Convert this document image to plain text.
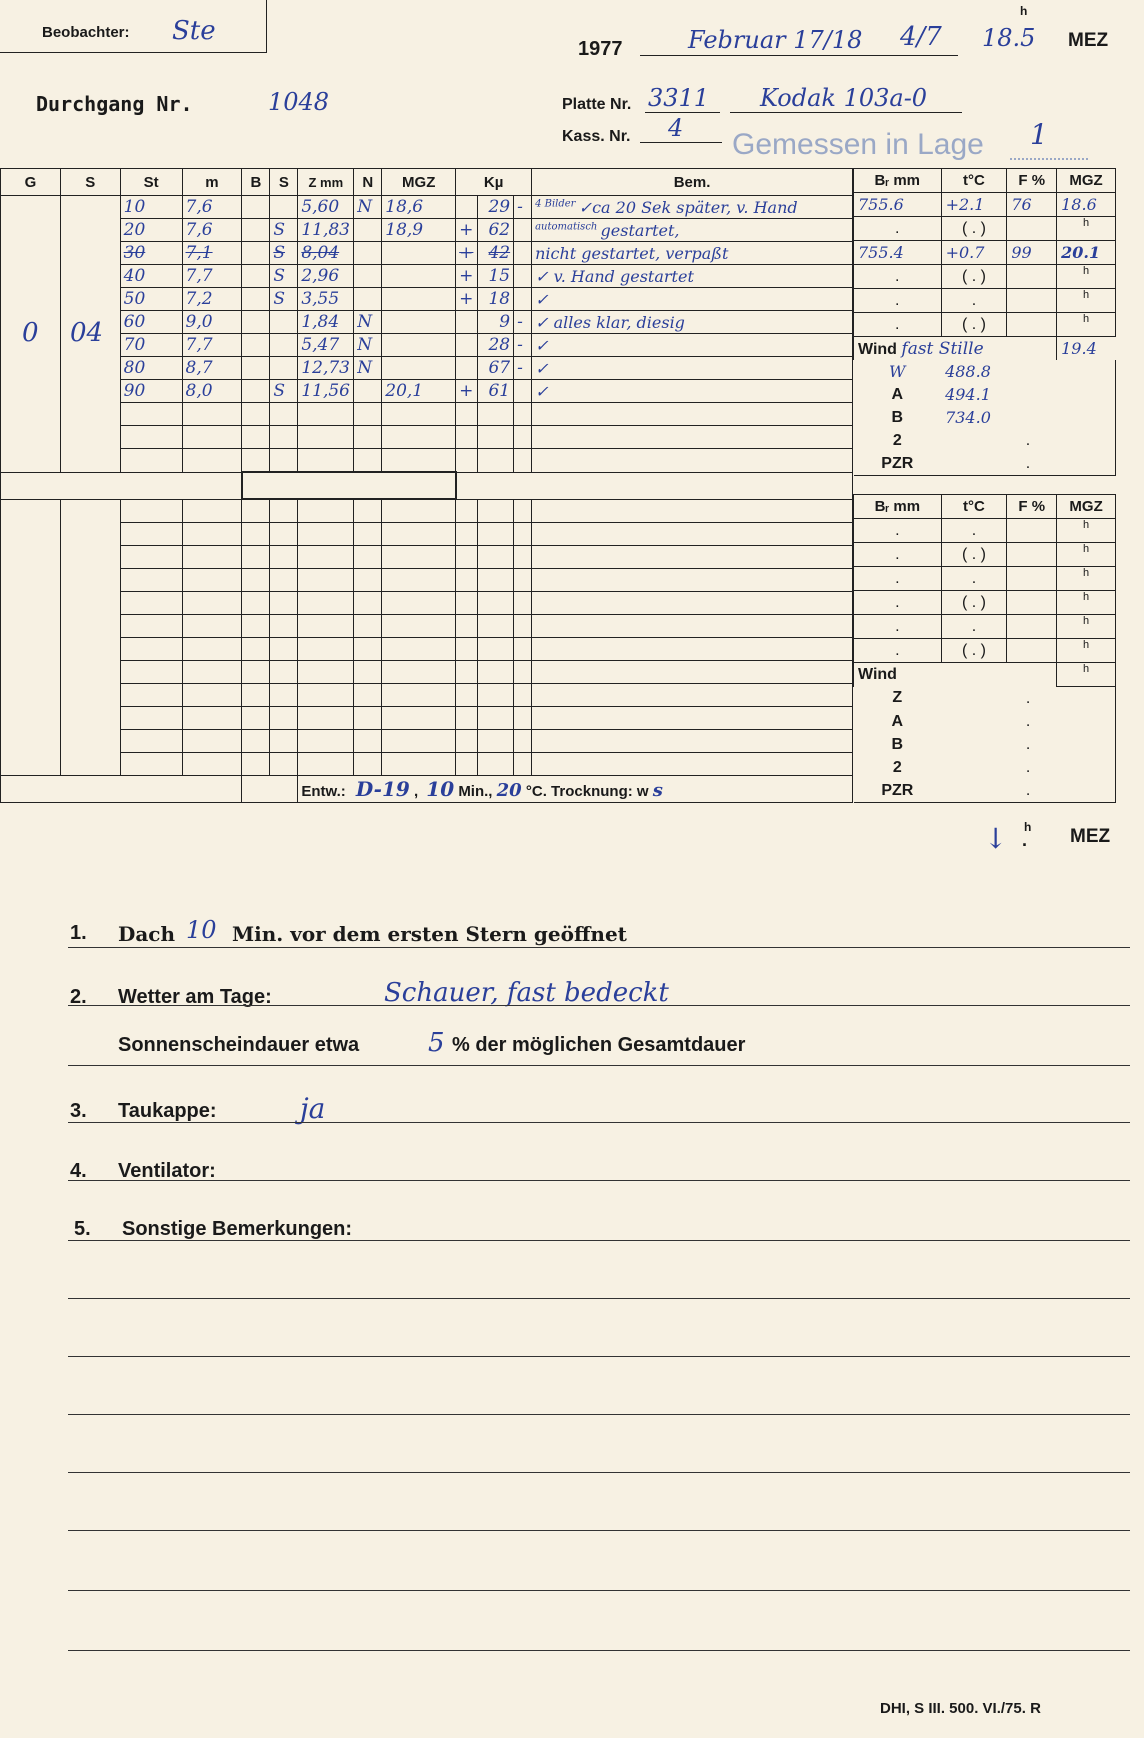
Beobachter: Ste
1977	Februar 17/18 4/7
h
18.5 MEZ
Durchgang Nr.	1048	Platte Nr. 3311 Kodak 103a-0
Kass. Nr. 4 Gemessen in Lage 1
G	S	St	m	B	S	Z mm	N	MGZ	Kµ			Bem.
		10	7,6			5,60	N	18,6		29	-	$^{4 Bilder}$ ✓ca 20 Sek später, v. Hand
		20	7,6		S	11,83		18,9	+	62		$^{automatisch}$ gestartet,
		30	7,1		S	8,04			+	42		nicht gestartet, verpaßt
		40	7,7		S	2,96			+	15		✓ v. Hand gestartet
		50	7,2		S	3,55			+	18		✓
		60	9,0			1,84	N			9	-	✓ alles klar, diesig
		70	7,7			5,47	N			28	-	✓
		80	8,7			12,73	N			67	-	✓
		90	8,0		S	11,56		20,1	+	61		✓

						Entw.: D-19 , 10 Min., 20 °C. Trocknung: w s						
0 04
Bᵣ mm	t°C	F %	MGZ
755.6	+2.1	76	18.6
.	( . )		h
755.4	+0.7	99	20.1
.	( . )		h
.	.		h
.	( . )		h
Wind fast Stille			19.4
W	488.8		
A	494.1		
B	734.0		
2	.		
PZR	.		
Bᵣ mm	t°C	F %	MGZ
.	.		h
.	( . )		h
.	.		h
.	( . )		h
.	.		h
.	( . )		h
Wind			h
Z	.		
A	.		
B	.		
2	.		
PZR	.		
↓ h
. MEZ
1. Dach 10 Min. vor dem ersten Stern geöffnet
2. Wetter am Tage:	Schauer, fast bedeckt
Sonnenscheindauer etwa	5 % der möglichen Gesamtdauer
3. Taukappe:	ja
4. Ventilator:
5. Sonstige Bemerkungen:
DHI, S III. 500. VI./75. R
